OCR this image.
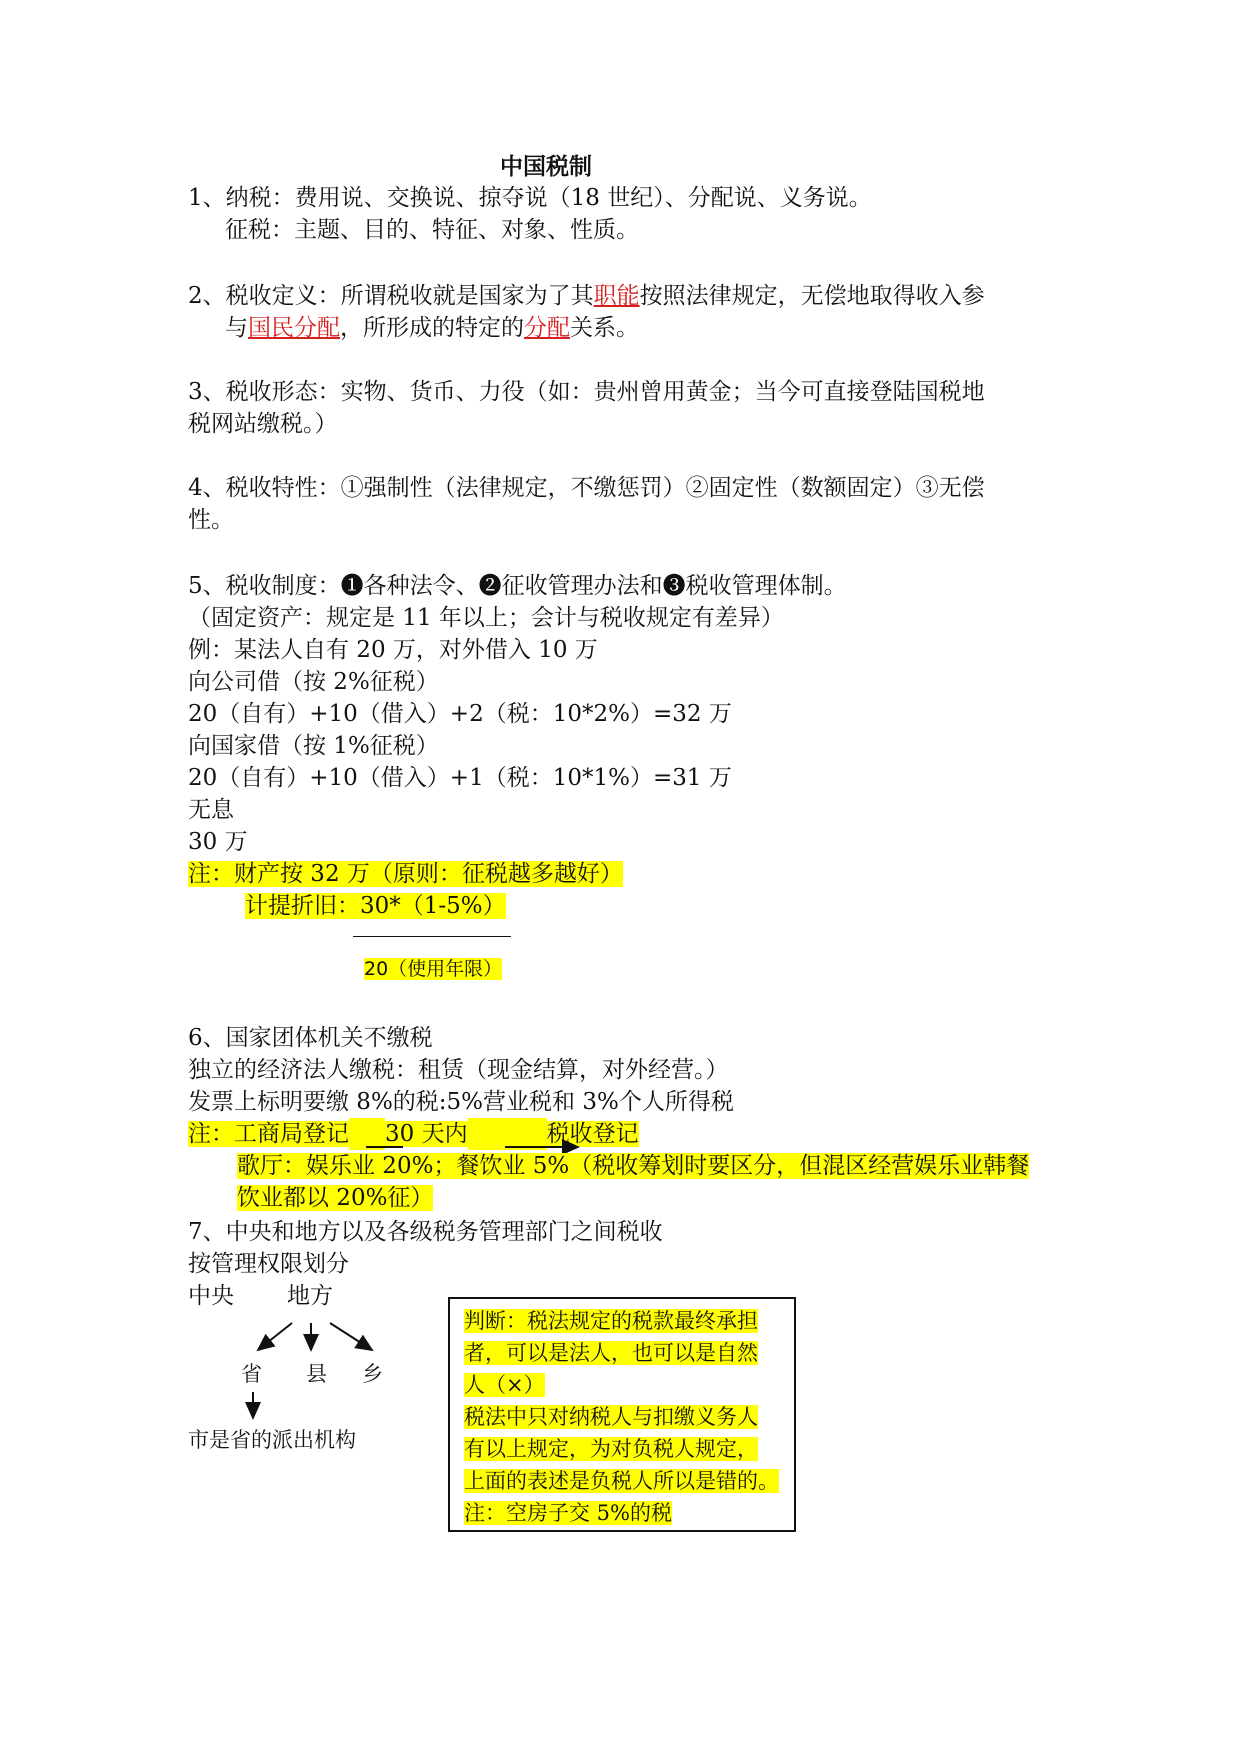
中国税制
1、纳税：费用说、交换说、掠夺说（18 世纪）、分配说、义务说。
征税：主题、目的、特征、对象、性质。
2、税收定义：所谓税收就是国家为了其职能按照法律规定，无偿地取得收入参
与国民分配，所形成的特定的分配关系。
3、税收形态：实物、货币、力役（如：贵州曾用黄金；当今可直接登陆国税地
税网站缴税。）
4、税收特性：①强制性（法律规定，不缴惩罚）②固定性（数额固定）③无偿
性。
5、税收制度：❶各种法令、❷征收管理办法和❸税收管理体制。
（固定资产：规定是 11 年以上；会计与税收规定有差异）
例：某法人自有 20 万，对外借入 10 万
向公司借（按 2%征税）
20（自有）+10（借入）+2（税：10*2%）=32 万
向国家借（按 1%征税）
20（自有）+10（借入）+1（税：10*1%）=31 万
无息
30 万
注：财产按 32 万（原则：征税越多越好）
计提折旧：30*（1-5%）
20（使用年限）
6、国家团体机关不缴税
独立的经济法人缴税：租赁（现金结算，对外经营。）
发票上标明要缴 8%的税:5%营业税和 3%个人所得税
注：工商局登记 30 天内	税收登记
歌厅：娱乐业 20%；餐饮业 5%（税收筹划时要区分，但混区经营娱乐业韩餐
饮业都以 20%征）
7、中央和地方以及各级税务管理部门之间税收
按管理权限划分
中央 地方
省 县 乡
市是省的派出机构
判断：税法规定的税款最终承担
者，可以是法人，也可以是自然
人（×）
税法中只对纳税人与扣缴义务人
有以上规定，为对负税人规定，
上面的表述是负税人所以是错的。
注：空房子交 5%的税
